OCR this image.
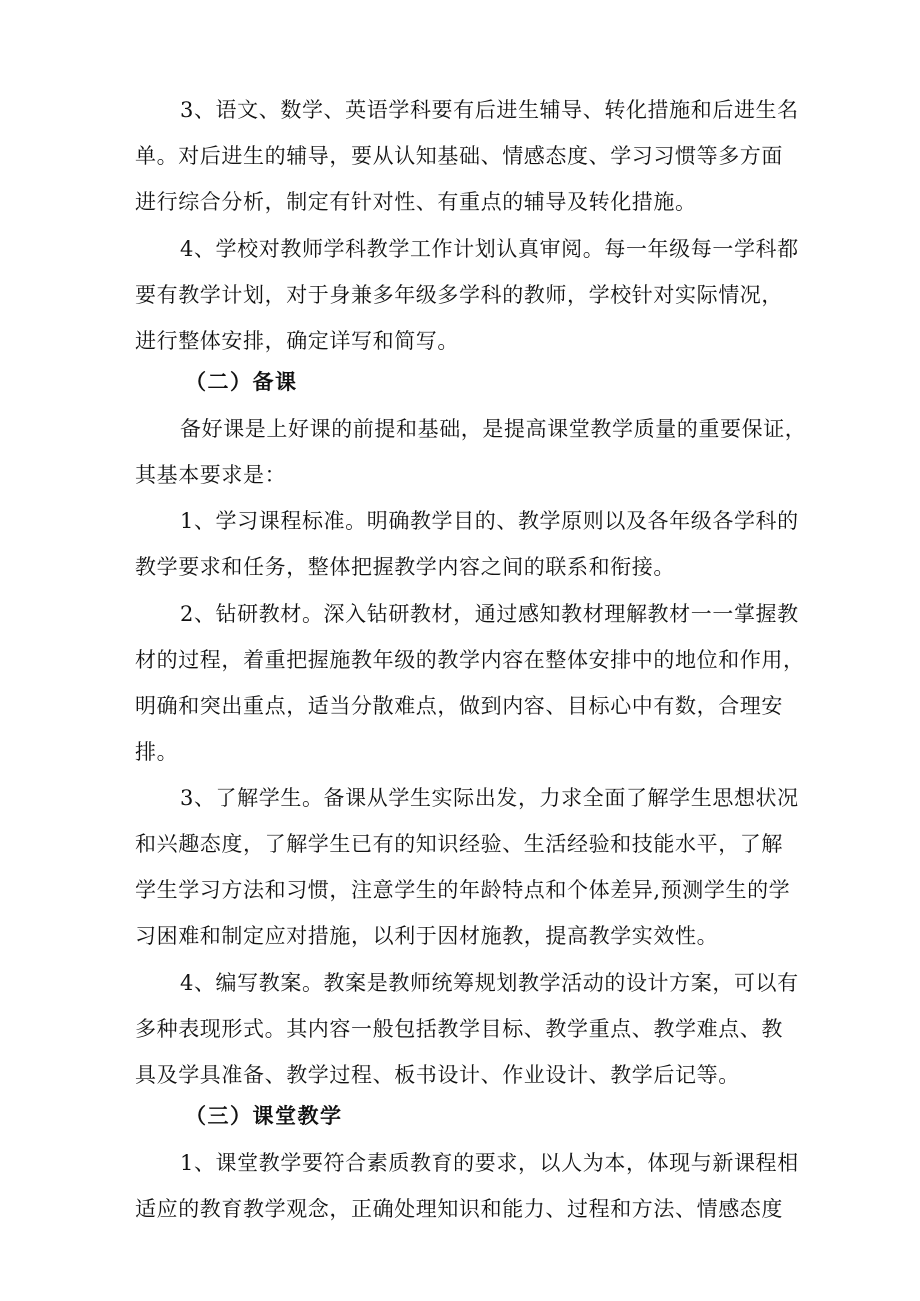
3、语文、数学、英语学科要有后进生辅导、转化措施和后进生名
单。对后进生的辅导，要从认知基础、情感态度、学习习惯等多方面
进行综合分析，制定有针对性、有重点的辅导及转化措施。
4、学校对教师学科教学工作计划认真审阅。每一年级每一学科都
要有教学计划，对于身兼多年级多学科的教师，学校针对实际情况，
进行整体安排，确定详写和简写。
（二）备课
备好课是上好课的前提和基础，是提高课堂教学质量的重要保证，
其基本要求是：
1、学习课程标准。明确教学目的、教学原则以及各年级各学科的
教学要求和任务，整体把握教学内容之间的联系和衔接。
2、钻研教材。深入钻研教材，通过感知教材理解教材一一掌握教
材的过程，着重把握施教年级的教学内容在整体安排中的地位和作用，
明确和突出重点，适当分散难点，做到内容、目标心中有数，合理安
排。
3、了解学生。备课从学生实际出发，力求全面了解学生思想状况
和兴趣态度，了解学生已有的知识经验、生活经验和技能水平，了解
学生学习方法和习惯，注意学生的年龄特点和个体差异,预测学生的学
习困难和制定应对措施，以利于因材施教，提高教学实效性。
4、编写教案。教案是教师统筹规划教学活动的设计方案，可以有
多种表现形式。其内容一般包括教学目标、教学重点、教学难点、教
具及学具准备、教学过程、板书设计、作业设计、教学后记等。
（三）课堂教学
1、课堂教学要符合素质教育的要求，以人为本，体现与新课程相
适应的教育教学观念，正确处理知识和能力、过程和方法、情感态度
